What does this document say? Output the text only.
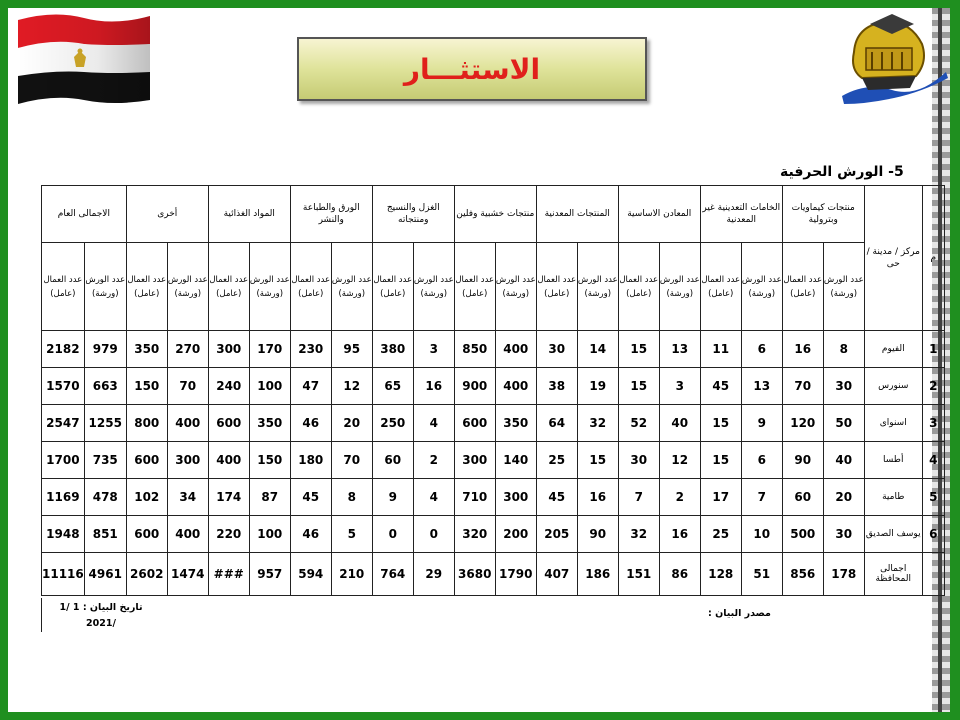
الاستثـــار
5- الورش الحرفية
م	مركز / مدينة / حى	منتجات كيماويات وبترولية		الخامات التعدينية غير المعدنية		المعادن الاساسية		المنتجات المعدنية		منتجات خشبية وفلين		الغزل والنسيج ومنتجاته		الورق والطباعة والنشر		المواد الغذائية		أخرى		الاجمالى العام	
		عدد الورش (ورشة)	عدد العمال (عامل)	عدد الورش (ورشة)	عدد العمال (عامل)	عدد الورش (ورشة)	عدد العمال (عامل)	عدد الورش (ورشة)	عدد العمال (عامل)	عدد الورش (ورشة)	عدد العمال (عامل)	عدد الورش (ورشة)	عدد العمال (عامل)	عدد الورش (ورشة)	عدد العمال (عامل)	عدد الورش (ورشة)	عدد العمال (عامل)	عدد الورش (ورشة)	عدد العمال (عامل)	عدد الورش (ورشة)	عدد العمال (عامل)
1	الفيوم	8	16	6	11	13	15	14	30	400	850	3	380	95	230	170	300	270	350	979	2182
2	سنورس	30	70	13	45	3	15	19	38	400	900	16	65	12	47	100	240	70	150	663	1570
3	اسنواى	50	120	9	15	40	52	32	64	350	600	4	250	20	46	350	600	400	800	1255	2547
4	أطسا	40	90	6	15	12	30	15	25	140	300	2	60	70	180	150	400	300	600	735	1700
5	طامية	20	60	7	17	2	7	16	45	300	710	4	9	8	45	87	174	34	102	478	1169
6	يوسف الصديق	30	500	10	25	16	32	90	205	200	320	0	0	5	46	100	220	400	600	851	1948
	اجمالى المحافظة	178	856	51	128	86	151	186	407	1790	3680	29	764	210	594	957	###	1474	2602	4961	11116
تاريخ البيان : 1 /1 /2021
مصدر البيان :
